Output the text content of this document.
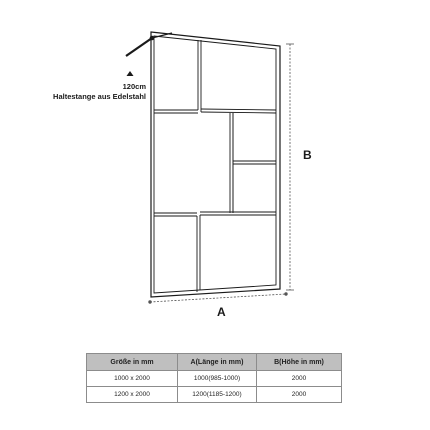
120cm
Haltestange aus Edelstahl
A
B
Größe in mm	A(Länge in mm)	B(Höhe in mm)
1000 x 2000	1000(985-1000)	2000
1200 x 2000	1200(1185-1200)	2000
